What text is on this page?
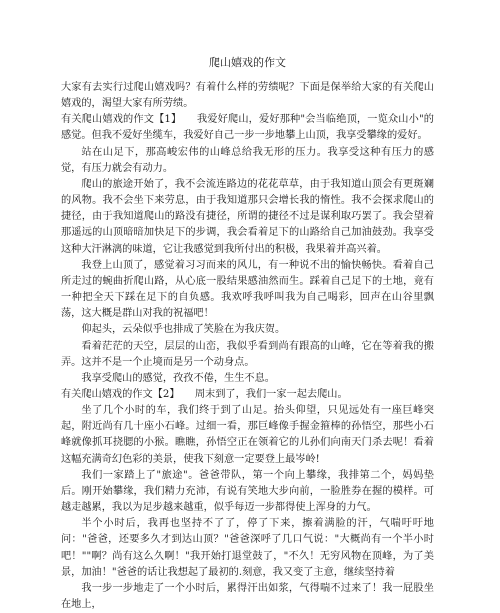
爬山嬉戏的作文

大家有去实行过爬山嬉戏吗？有着什么样的劳绩呢？下面是保举给大家的有关爬山嬉戏的，渴望大家有所劳绩。

有关爬山嬉戏的作文【1】　　我爱好爬山，爱好那种"会当临绝顶，一览众山小"的感觉。但我不爱好坐缆车，我爱好自己一步一步地攀上山顶，我享受攀缘的爱好。

站在山足下，那高峻宏伟的山峰总给我无形的压力。我享受这种有压力的感觉，有压力就会有动力。

爬山的旅途开始了，我不会流连路边的花花草草，由于我知道山顶会有更斑斓的风物。我不会坐下来劳息，由于我知道那只会增长我的惰性。我不会探求爬山的捷径，由于我知道爬山的路没有捷径，所谓的捷径不过是谋利取巧罢了。我会望着那遥远的山顶暗暗加快足下的步调，我会看着足下的山路给自己加油鼓劲。我享受这种大汗淋漓的味道，它让我感觉到我所付出的积极，我果着并高兴着。

我登上山顶了，感觉着习习而来的风儿，有一种说不出的愉快畅快。看着自己所走过的蜿曲折爬山路，从心底一股结果感油然而生。踩着自己足下的土地，竟有一种把全天下踩在足下的自负感。我欢呼我呼叫我为自己喝彩，回声在山谷里飘荡，这大概是群山对我的祝福吧！

仰起头，云朵似乎也排成了笑脸在为我庆贺。

看着茫茫的天空，层层的山峦，我似乎看到尚有跟高的山峰，它在等着我的搬弄。这并不是一个止境而是另一个动身点。

我享受爬山的感觉，孜孜不倦，生生不息。

有关爬山嬉戏的作文【2】　　周末到了，我们一家一起去爬山。

坐了几个小时的车，我们终于到了山足。抬头仰望，只见远处有一座巨峰突起，附近尚有几十座小石峰。过细一看，那巨峰像手握金箍棒的孙悟空，那些小石峰就像抓耳挠腮的小猴。瞧瞧，孙悟空正在领着它的儿孙们向南天门杀去呢！看着这幅充满奇幻色彩的美景，使我下刻意一定要登上最岑岭!

我们一家踏上了"旅途"。爸爸带队，第一个向上攀缘，我排第二个，妈妈垫后。刚开始攀缘，我们精力充沛，有说有笑地大步向前，一脸胜券在握的模样。可越走越累，我以为足步越来越重，似乎每迈一步都得使上浑身的力气。

半个小时后，我再也坚持不了了，停了下来，擦着满脸的汗，气喘吁吁地问："爸爸，还要多久才到达山顶？"爸爸深呼了几口气说："大概尚有一个半小时吧！""啊？尚有这么久啊！"我开始打退堂鼓了，"不久！无穷风物在顶峰，为了美景，加油！"爸爸的话让我想起了最初的.刻意，我又变了主意，继续坚持着

我一步一步地走了一个小时后，累得汗出如浆，气得喘不过来了！我一屁股坐在地上，
